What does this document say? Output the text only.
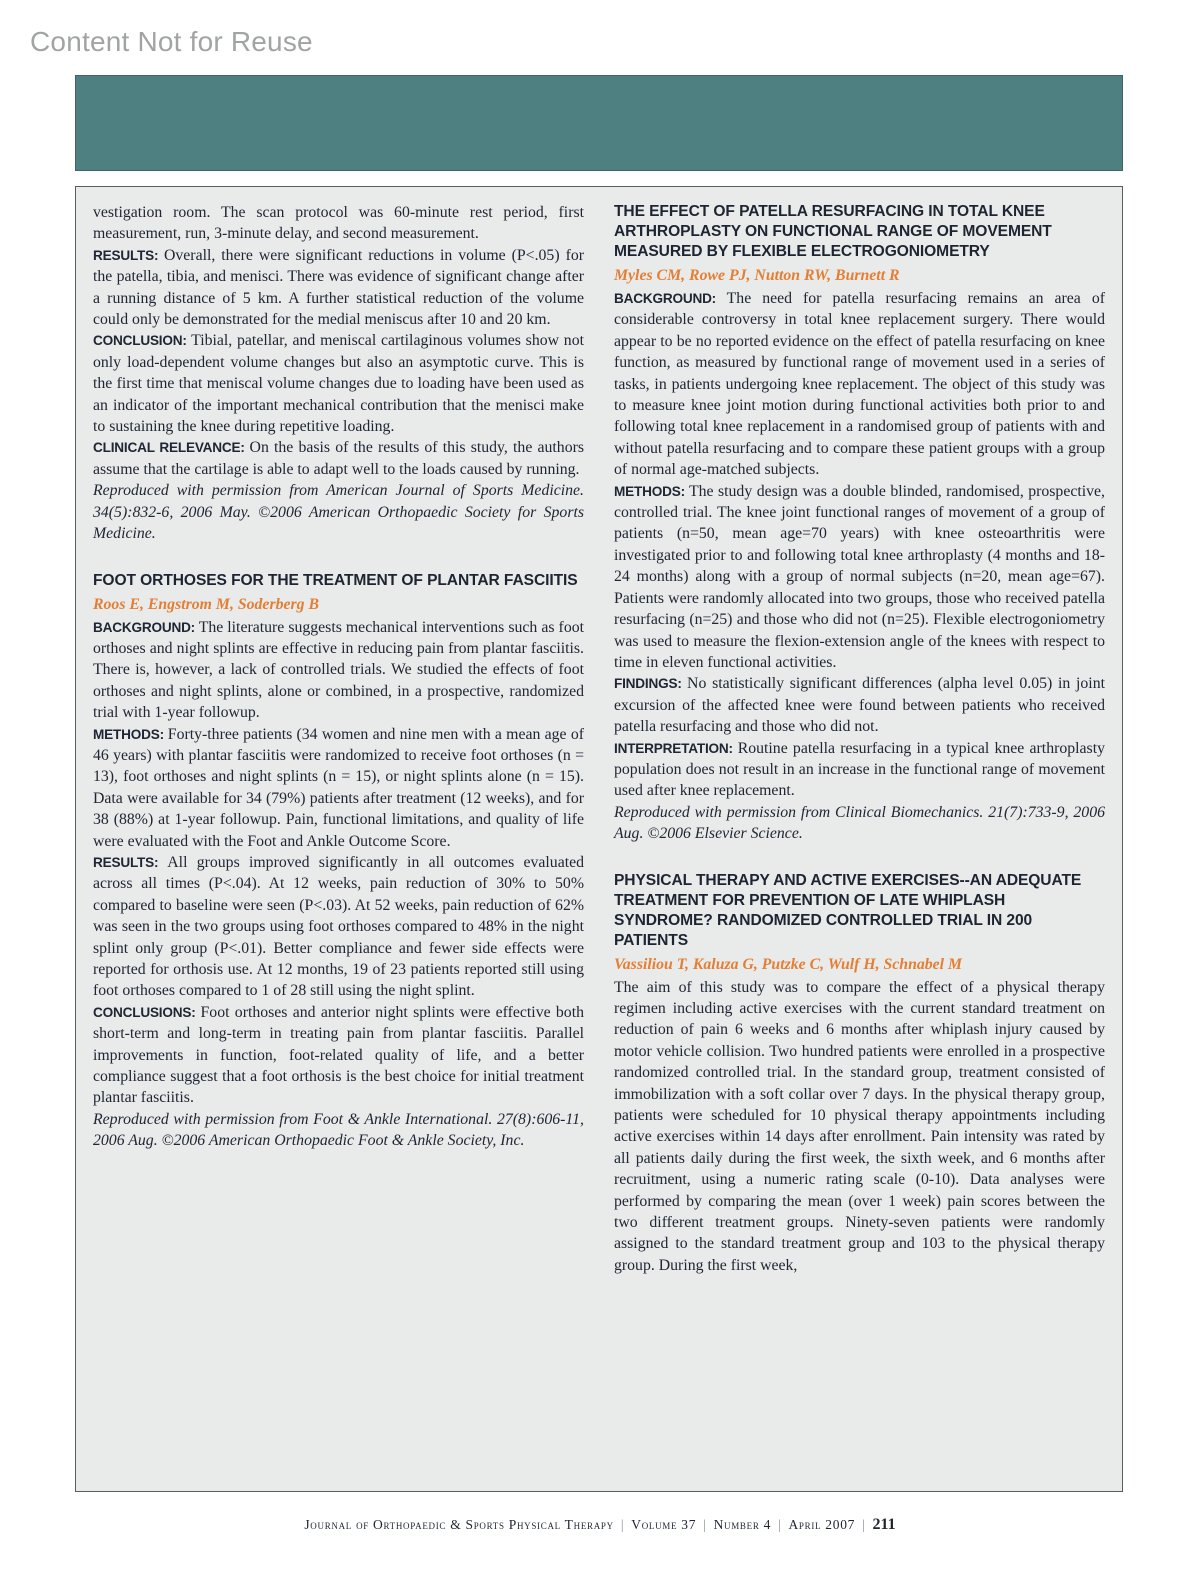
Content Not for Reuse

vestigation room. The scan protocol was 60-minute rest period, first measurement, run, 3-minute delay, and second measurement.

RESULTS: Overall, there were significant reductions in volume (P<.05) for the patella, tibia, and menisci. There was evidence of significant change after a running distance of 5 km. A further statistical reduction of the volume could only be demonstrated for the medial meniscus after 10 and 20 km.

CONCLUSION: Tibial, patellar, and meniscal cartilaginous volumes show not only load-dependent volume changes but also an asymptotic curve. This is the first time that meniscal volume changes due to loading have been used as an indicator of the important mechanical contribution that the menisci make to sustaining the knee during repetitive loading.

CLINICAL RELEVANCE: On the basis of the results of this study, the authors assume that the cartilage is able to adapt well to the loads caused by running.

Reproduced with permission from American Journal of Sports Medicine. 34(5):832-6, 2006 May. ©2006 American Orthopaedic Society for Sports Medicine.

FOOT ORTHOSES FOR THE TREATMENT OF PLANTAR FASCIITIS
Roos E, Engstrom M, Soderberg B

BACKGROUND: The literature suggests mechanical interventions such as foot orthoses and night splints are effective in reducing pain from plantar fasciitis. There is, however, a lack of controlled trials. We studied the effects of foot orthoses and night splints, alone or combined, in a prospective, randomized trial with 1-year followup.

METHODS: Forty-three patients (34 women and nine men with a mean age of 46 years) with plantar fasciitis were randomized to receive foot orthoses (n = 13), foot orthoses and night splints (n = 15), or night splints alone (n = 15). Data were available for 34 (79%) patients after treatment (12 weeks), and for 38 (88%) at 1-year followup. Pain, functional limitations, and quality of life were evaluated with the Foot and Ankle Outcome Score.

RESULTS: All groups improved significantly in all outcomes evaluated across all times (P<.04). At 12 weeks, pain reduction of 30% to 50% compared to baseline were seen (P<.03). At 52 weeks, pain reduction of 62% was seen in the two groups using foot orthoses compared to 48% in the night splint only group (P<.01). Better compliance and fewer side effects were reported for orthosis use. At 12 months, 19 of 23 patients reported still using foot orthoses compared to 1 of 28 still using the night splint.

CONCLUSIONS: Foot orthoses and anterior night splints were effective both short-term and long-term in treating pain from plantar fasciitis. Parallel improvements in function, foot-related quality of life, and a better compliance suggest that a foot orthosis is the best choice for initial treatment plantar fasciitis.

Reproduced with permission from Foot & Ankle International. 27(8):606-11, 2006 Aug. ©2006 American Orthopaedic Foot & Ankle Society, Inc.

THE EFFECT OF PATELLA RESURFACING IN TOTAL KNEE ARTHROPLASTY ON FUNCTIONAL RANGE OF MOVEMENT MEASURED BY FLEXIBLE ELECTROGONIOMETRY
Myles CM, Rowe PJ, Nutton RW, Burnett R

BACKGROUND: The need for patella resurfacing remains an area of considerable controversy in total knee replacement surgery. There would appear to be no reported evidence on the effect of patella resurfacing on knee function, as measured by functional range of movement used in a series of tasks, in patients undergoing knee replacement. The object of this study was to measure knee joint motion during functional activities both prior to and following total knee replacement in a randomised group of patients with and without patella resurfacing and to compare these patient groups with a group of normal age-matched subjects.

METHODS: The study design was a double blinded, randomised, prospective, controlled trial. The knee joint functional ranges of movement of a group of patients (n=50, mean age=70 years) with knee osteoarthritis were investigated prior to and following total knee arthroplasty (4 months and 18-24 months) along with a group of normal subjects (n=20, mean age=67). Patients were randomly allocated into two groups, those who received patella resurfacing (n=25) and those who did not (n=25). Flexible electrogoniometry was used to measure the flexion-extension angle of the knees with respect to time in eleven functional activities.

FINDINGS: No statistically significant differences (alpha level 0.05) in joint excursion of the affected knee were found between patients who received patella resurfacing and those who did not.

INTERPRETATION: Routine patella resurfacing in a typical knee arthroplasty population does not result in an increase in the functional range of movement used after knee replacement.

Reproduced with permission from Clinical Biomechanics. 21(7):733-9, 2006 Aug. ©2006 Elsevier Science.

PHYSICAL THERAPY AND ACTIVE EXERCISES--AN ADEQUATE TREATMENT FOR PREVENTION OF LATE WHIPLASH SYNDROME? RANDOMIZED CONTROLLED TRIAL IN 200 PATIENTS
Vassiliou T, Kaluza G, Putzke C, Wulf H, Schnabel M

The aim of this study was to compare the effect of a physical therapy regimen including active exercises with the current standard treatment on reduction of pain 6 weeks and 6 months after whiplash injury caused by motor vehicle collision. Two hundred patients were enrolled in a prospective randomized controlled trial. In the standard group, treatment consisted of immobilization with a soft collar over 7 days. In the physical therapy group, patients were scheduled for 10 physical therapy appointments including active exercises within 14 days after enrollment. Pain intensity was rated by all patients daily during the first week, the sixth week, and 6 months after recruitment, using a numeric rating scale (0-10). Data analyses were performed by comparing the mean (over 1 week) pain scores between the two different treatment groups. Ninety-seven patients were randomly assigned to the standard treatment group and 103 to the physical therapy group. During the first week,

Journal of Orthopaedic & Sports Physical Therapy | Volume 37 | Number 4 | April 2007 | 211
